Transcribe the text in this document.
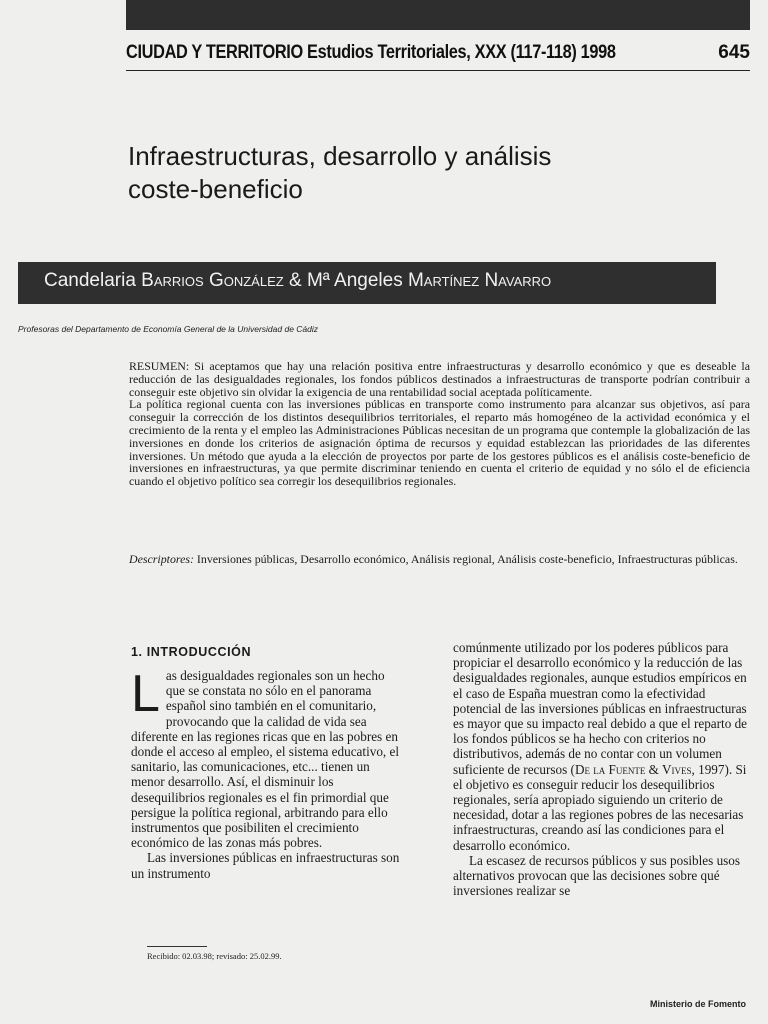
CIUDAD Y TERRITORIO Estudios Territoriales, XXX (117-118) 1998	645
Infraestructuras, desarrollo y análisis
coste-beneficio
Candelaria Barrios González & Mª Angeles Martínez Navarro
Profesoras del Departamento de Economía General de la Universidad de Cádiz

RESUMEN: Si aceptamos que hay una relación positiva entre infraestructuras y desarrollo económico y que es deseable la reducción de las desigualdades regionales, los fondos públicos destinados a infraestructuras de transporte podrían contribuir a conseguir este objetivo sin olvidar la exigencia de una rentabilidad social aceptada políticamente.

La política regional cuenta con las inversiones públicas en transporte como instrumento para alcanzar sus objetivos, así para conseguir la corrección de los distintos desequilibrios territoriales, el reparto más homogéneo de la actividad económica y el crecimiento de la renta y el empleo las Administraciones Públicas necesitan de un programa que contemple la globalización de las inversiones en donde los criterios de asignación óptima de recursos y equidad establezcan las prioridades de las diferentes inversiones. Un método que ayuda a la elección de proyectos por parte de los gestores públicos es el análisis coste-beneficio de inversiones en infraestructuras, ya que permite discriminar teniendo en cuenta el criterio de equidad y no sólo el de eficiencia cuando el objetivo político sea corregir los desequilibrios regionales.

Descriptores: Inversiones públicas, Desarrollo económico, Análisis regional, Análisis coste-beneficio, Infraestructuras públicas.
1. INTRODUCCIÓN

Las desigualdades regionales son un hecho que se constata no sólo en el panorama español sino también en el comunitario, provocando que la calidad de vida sea diferente en las regiones ricas que en las pobres en donde el acceso al empleo, el sistema educativo, el sanitario, las comunicaciones, etc... tienen un menor desarrollo. Así, el disminuir los desequilibrios regionales es el fin primordial que persigue la política regional, arbitrando para ello instrumentos que posibiliten el crecimiento económico de las zonas más pobres.

Las inversiones públicas en infraestructuras son un instrumento

comúnmente utilizado por los poderes públicos para propiciar el desarrollo económico y la reducción de las desigualdades regionales, aunque estudios empíricos en el caso de España muestran como la efectividad potencial de las inversiones públicas en infraestructuras es mayor que su impacto real debido a que el reparto de los fondos públicos se ha hecho con criterios no distributivos, además de no contar con un volumen suficiente de recursos (De la Fuente & Vives, 1997). Si el objetivo es conseguir reducir los desequilibrios regionales, sería apropiado siguiendo un criterio de necesidad, dotar a las regiones pobres de las necesarias infraestructuras, creando así las condiciones para el desarrollo económico.

La escasez de recursos públicos y sus posibles usos alternativos provocan que las decisiones sobre qué inversiones realizar se

Recibido: 02.03.98; revisado: 25.02.99.
Ministerio de Fomento
